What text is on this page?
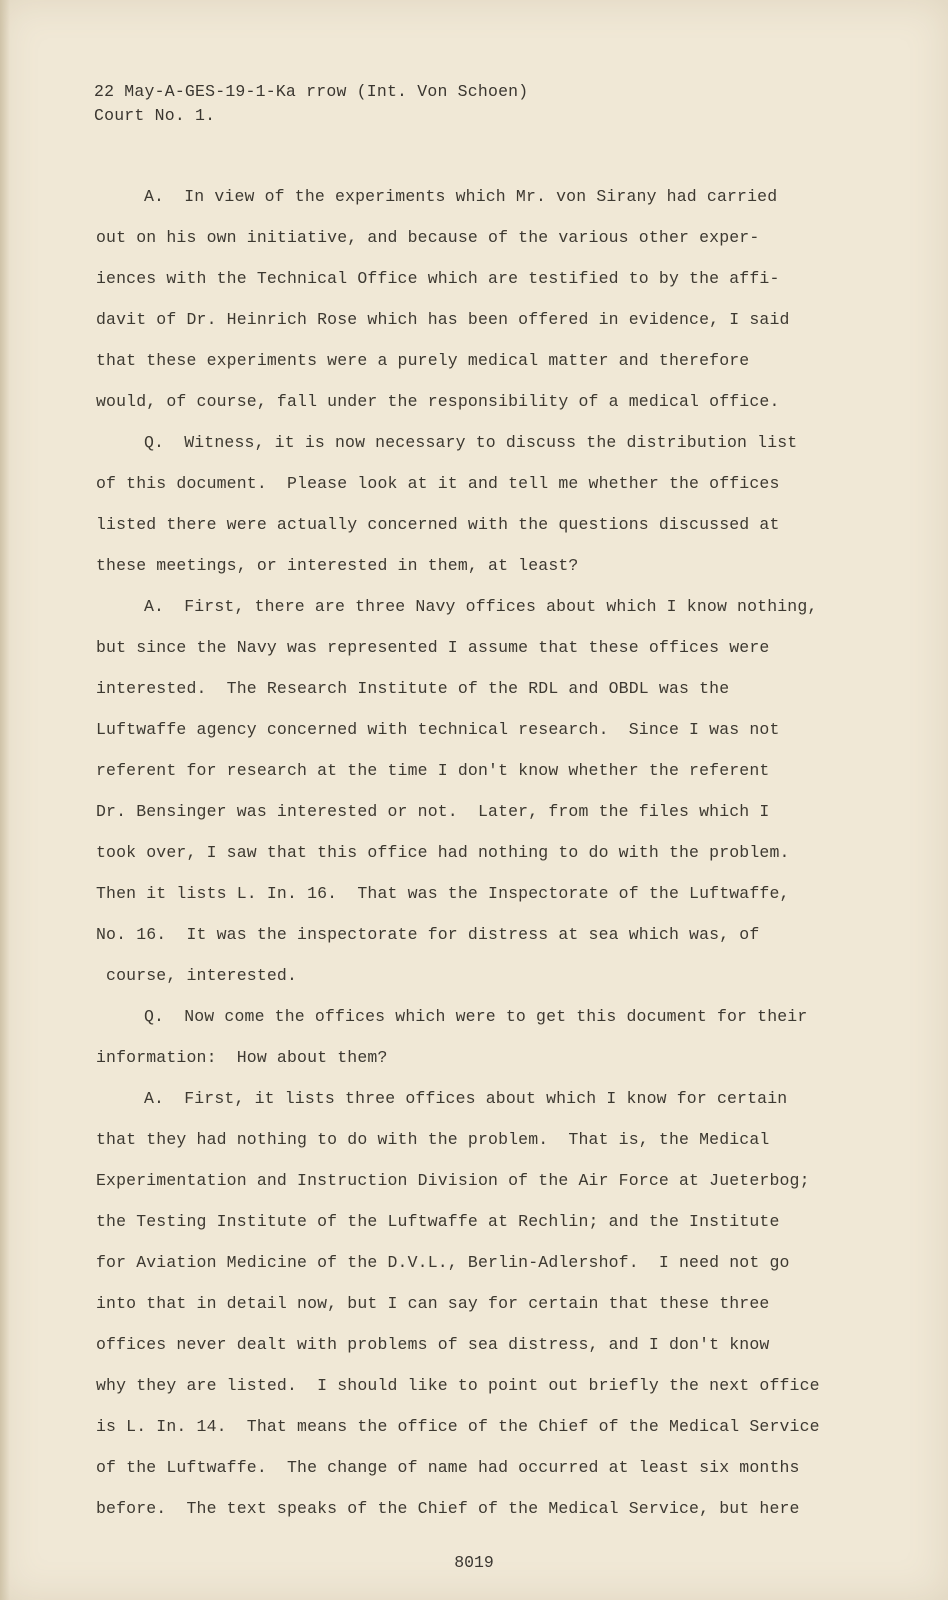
22 May-A-GES-19-1-Ka rrow (Int. Von Schoen)
Court No. 1.
A.  In view of the experiments which Mr. von Sirany had carried
out on his own initiative, and because of the various other exper-
iences with the Technical Office which are testified to by the affi-
davit of Dr. Heinrich Rose which has been offered in evidence, I said
that these experiments were a purely medical matter and therefore
would, of course, fall under the responsibility of a medical office.
Q.  Witness, it is now necessary to discuss the distribution list
of this document.  Please look at it and tell me whether the offices
listed there were actually concerned with the questions discussed at
these meetings, or interested in them, at least?
A.  First, there are three Navy offices about which I know nothing,
but since the Navy was represented I assume that these offices were
interested.  The Research Institute of the RDL and OBDL was the
Luftwaffe agency concerned with technical research.  Since I was not
referent for research at the time I don't know whether the referent
Dr. Bensinger was interested or not.  Later, from the files which I
took over, I saw that this office had nothing to do with the problem.
Then it lists L. In. 16.  That was the Inspectorate of the Luftwaffe,
No. 16.  It was the inspectorate for distress at sea which was, of
course, interested.
Q.  Now come the offices which were to get this document for their
information:  How about them?
A.  First, it lists three offices about which I know for certain
that they had nothing to do with the problem.  That is, the Medical
Experimentation and Instruction Division of the Air Force at Jueterbog;
the Testing Institute of the Luftwaffe at Rechlin; and the Institute
for Aviation Medicine of the D.V.L., Berlin-Adlershof.  I need not go
into that in detail now, but I can say for certain that these three
offices never dealt with problems of sea distress, and I don't know
why they are listed.  I should like to point out briefly the next office
is L. In. 14.  That means the office of the Chief of the Medical Service
of the Luftwaffe.  The change of name had occurred at least six months
before.  The text speaks of the Chief of the Medical Service, but here
8019
